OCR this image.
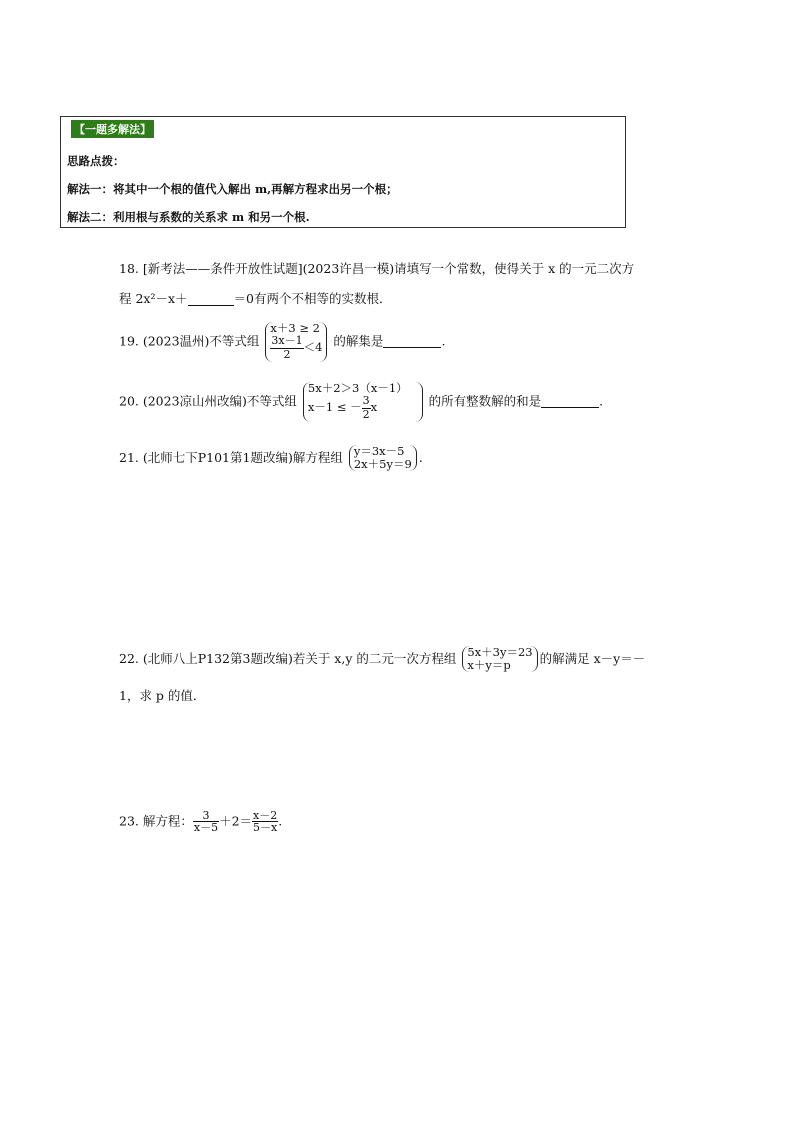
【一题多解法】
思路点拨：
解法一：将其中一个根的值代入解出 m,再解方程求出另一个根；
解法二：利用根与系数的关系求 m 和另一个根.
18. [新考法——条件开放性试题](2023许昌一模)请填写一个常数，使得关于 x 的一元二次方
程 2x²－x＋	＝0有两个不相等的实数根．
19. (2023温州)不等式组
x＋3 ≥ 2
$\frac{3x-1}{2} <4$ 的解集是	.
20. (2023凉山州改编)不等式组
5x＋2＞3（x－1）
x－1 ≤ － $\frac{3}{2}$ x	的所有整数解的和是	.
21. (北师七下P101第1题改编)解方程组 y＝3x－5
2x＋5y＝9 .
22. (北师八上P132第3题改编)若关于 x,y 的二元一次方程组 5x＋3y＝23
x＋y＝p	的解满足 x－y＝－
1，求 p 的值．
23. 解方程： $\frac{3}{x-5} +2= \frac{x-2}{5-x}$ .
